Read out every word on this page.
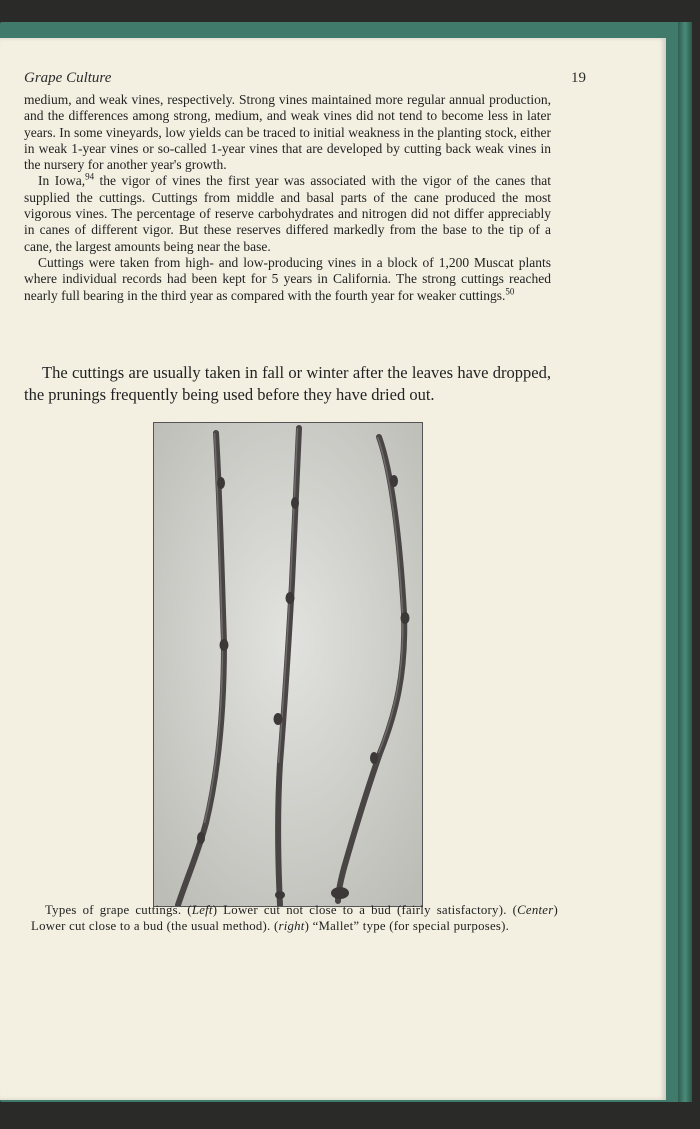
Grape Culture	19

medium, and weak vines, respectively. Strong vines maintained more regular annual production, and the differences among strong, medium, and weak vines did not tend to become less in later years. In some vineyards, low yields can be traced to initial weakness in the planting stock, either in weak 1-year vines or so-called 1-year vines that are developed by cutting back weak vines in the nursery for another year's growth.

In Iowa,$^{94}$ the vigor of vines the first year was associated with the vigor of the canes that supplied the cuttings. Cuttings from middle and basal parts of the cane produced the most vigorous vines. The percentage of reserve carbohydrates and nitrogen did not differ appreciably in canes of different vigor. But these reserves differed markedly from the base to the tip of a cane, the largest amounts being near the base.

Cuttings were taken from high- and low-producing vines in a block of 1,200 Muscat plants where individual records had been kept for 5 years in California. The strong cuttings reached nearly full bearing in the third year as compared with the fourth year for weaker cuttings.$^{50}$

The cuttings are usually taken in fall or winter after the leaves have dropped, the prunings frequently being used before they have dried out.

Types of grape cuttings. (Left) Lower cut not close to a bud (fairly satisfactory). (Center) Lower cut close to a bud (the usual method). (right) “Mallet” type (for special purposes).
